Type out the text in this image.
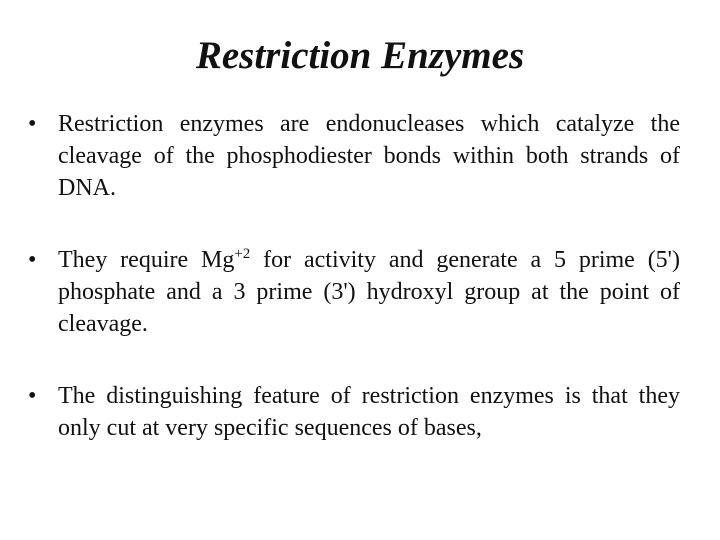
Restriction Enzymes
• Restriction enzymes are endonucleases which catalyze the cleavage of the phosphodiester bonds within both strands of DNA.
• They require $Mg^{+2}$ for activity and generate a 5 prime (5') phosphate and a 3 prime (3') hydroxyl group at the point of cleavage.
• The distinguishing feature of restriction enzymes is that they only cut at very specific sequences of bases,
